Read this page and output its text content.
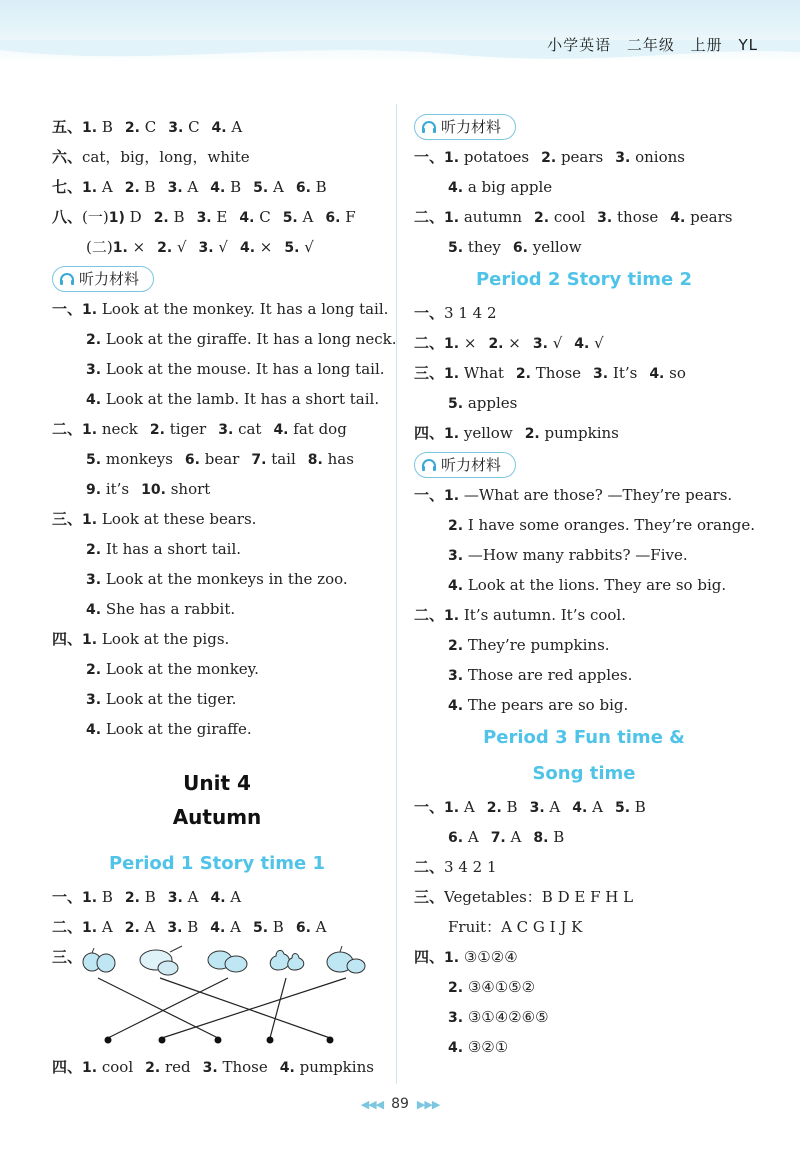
小学英语 二年级 上册 YL
五、1. B 2. C 3. C 4. A
六、cat，big，long，white
七、1. A 2. B 3. A 4. B 5. A 6. B
八、(一)1) D 2. B 3. E 4. C 5. A 6. F
(二)1. × 2. √ 3. √ 4. × 5. √
听力材料
一、1. Look at the monkey. It has a long tail.
2. Look at the giraffe. It has a long neck.
3. Look at the mouse. It has a long tail.
4. Look at the lamb. It has a short tail.
二、1. neck 2. tiger 3. cat 4. fat dog
5. monkeys 6. bear 7. tail 8. has
9. it’s 10. short
三、1. Look at these bears.
2. It has a short tail.
3. Look at the monkeys in the zoo.
4. She has a rabbit.
四、1. Look at the pigs.
2. Look at the monkey.
3. Look at the tiger.
4. Look at the giraffe.
Unit 4
Autumn
Period 1 Story time 1
一、1. B 2. B 3. A 4. A
二、1. A 2. A 3. B 4. A 5. B 6. A
三、
四、1. cool 2. red 3. Those 4. pumpkins
听力材料
一、1. potatoes 2. pears 3. onions
4. a big apple
二、1. autumn 2. cool 3. those 4. pears
5. they 6. yellow
Period 2 Story time 2
一、3 1 4 2
二、1. × 2. × 3. √ 4. √
三、1. What 2. Those 3. It’s 4. so
5. apples
四、1. yellow 2. pumpkins
听力材料
一、1. —What are those? —They’re pears.
2. I have some oranges. They’re orange.
3. —How many rabbits? —Five.
4. Look at the lions. They are so big.
二、1. It’s autumn. It’s cool.
2. They’re pumpkins.
3. Those are red apples.
4. The pears are so big.
Period 3 Fun time &
Song time
一、1. A 2. B 3. A 4. A 5. B
6. A 7. A 8. B
二、3 4 2 1
三、Vegetables：B D E F H L
Fruit：A C G I J K
四、1. ③①②④
2. ③④①⑤②
3. ③①④②⑥⑤
4. ③②①
◀◀◀ 89 ▶▶▶
